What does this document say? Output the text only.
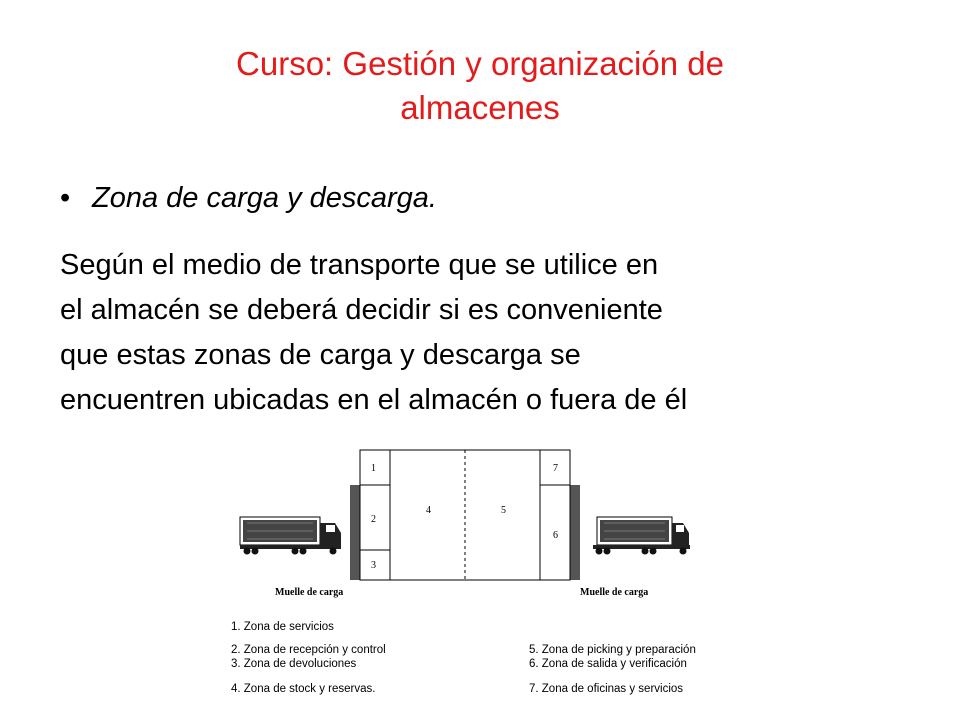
Curso: Gestión y organización de
almacenes
• Zona de carga y descarga.
Según el medio de transporte que se utilice en
el almacén se deberá decidir si es conveniente
que estas zonas de carga y descarga se
encuentren ubicadas en el almacén o fuera de él
1
2
3
4	5
6
7
Muelle de carga	Muelle de carga
1. Zona de servicios
2. Zona de recepción y control
3. Zona de devoluciones
4. Zona de stock y reservas.
5. Zona de picking y preparación
6. Zona de salida y verificación
7. Zona de oficinas y servicios
